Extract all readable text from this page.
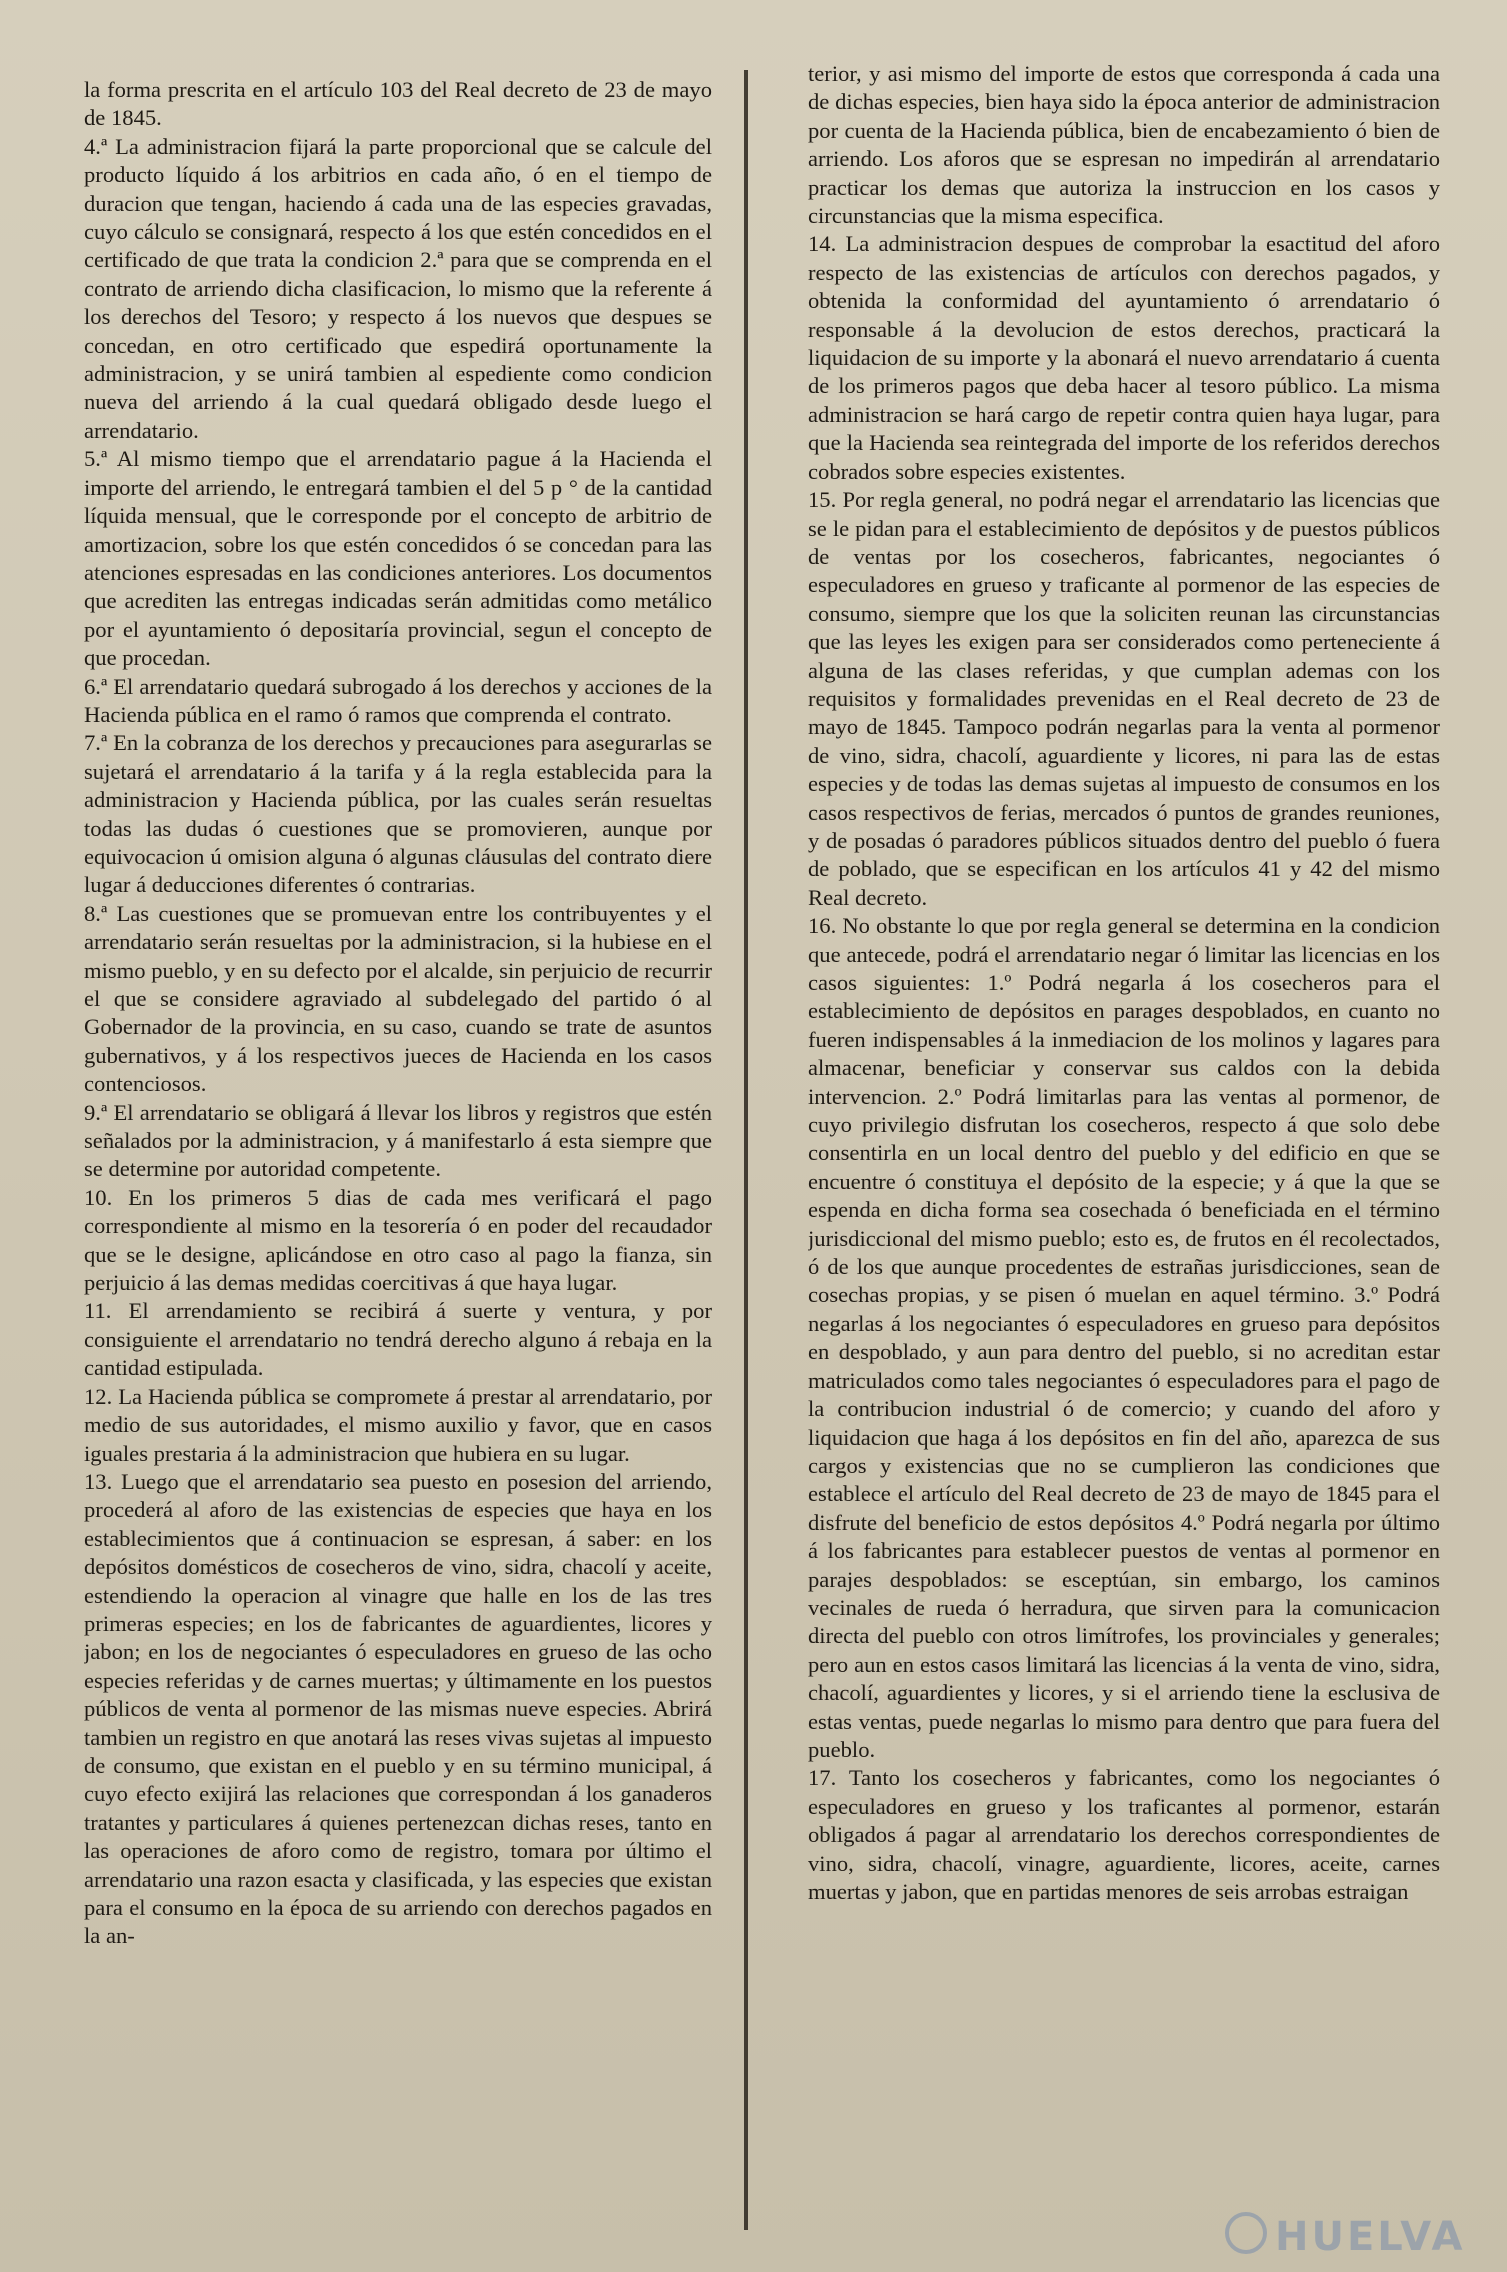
la forma prescrita en el artículo 103 del Real decreto de 23 de mayo de 1845.

4.ª La administracion fijará la parte proporcional que se calcule del producto líquido á los arbitrios en cada año, ó en el tiempo de duracion que tengan, haciendo á cada una de las especies gravadas, cuyo cálculo se consignará, respecto á los que estén concedidos en el certificado de que trata la condicion 2.ª para que se comprenda en el contrato de arriendo dicha clasificacion, lo mismo que la referente á los derechos del Tesoro; y respecto á los nuevos que despues se concedan, en otro certificado que espedirá oportunamente la administracion, y se unirá tambien al espediente como condicion nueva del arriendo á la cual quedará obligado desde luego el arrendatario.

5.ª Al mismo tiempo que el arrendatario pague á la Hacienda el importe del arriendo, le entregará tambien el del 5 p ° de la cantidad líquida mensual, que le corresponde por el concepto de arbitrio de amortizacion, sobre los que estén concedidos ó se concedan para las atenciones espresadas en las condiciones anteriores. Los documentos que acrediten las entregas indicadas serán admitidas como metálico por el ayuntamiento ó depositaría provincial, segun el concepto de que procedan.

6.ª El arrendatario quedará subrogado á los derechos y acciones de la Hacienda pública en el ramo ó ramos que comprenda el contrato.

7.ª En la cobranza de los derechos y precauciones para asegurarlas se sujetará el arrendatario á la tarifa y á la regla establecida para la administracion y Hacienda pública, por las cuales serán resueltas todas las dudas ó cuestiones que se promovieren, aunque por equivocacion ú omision alguna ó algunas cláusulas del contrato diere lugar á deducciones diferentes ó contrarias.

8.ª Las cuestiones que se promuevan entre los contribuyentes y el arrendatario serán resueltas por la administracion, si la hubiese en el mismo pueblo, y en su defecto por el alcalde, sin perjuicio de recurrir el que se considere agraviado al subdelegado del partido ó al Gobernador de la provincia, en su caso, cuando se trate de asuntos gubernativos, y á los respectivos jueces de Hacienda en los casos contenciosos.

9.ª El arrendatario se obligará á llevar los libros y registros que estén señalados por la administracion, y á manifestarlo á esta siempre que se determine por autoridad competente.

10. En los primeros 5 dias de cada mes verificará el pago correspondiente al mismo en la tesorería ó en poder del recaudador que se le designe, aplicándose en otro caso al pago la fianza, sin perjuicio á las demas medidas coercitivas á que haya lugar.

11. El arrendamiento se recibirá á suerte y ventura, y por consiguiente el arrendatario no tendrá derecho alguno á rebaja en la cantidad estipulada.

12. La Hacienda pública se compromete á prestar al arrendatario, por medio de sus autoridades, el mismo auxilio y favor, que en casos iguales prestaria á la administracion que hubiera en su lugar.

13. Luego que el arrendatario sea puesto en posesion del arriendo, procederá al aforo de las existencias de especies que haya en los establecimientos que á continuacion se espresan, á saber: en los depósitos domésticos de cosecheros de vino, sidra, chacolí y aceite, estendiendo la operacion al vinagre que halle en los de las tres primeras especies; en los de fabricantes de aguardientes, licores y jabon; en los de negociantes ó especuladores en grueso de las ocho especies referidas y de carnes muertas; y últimamente en los puestos públicos de venta al pormenor de las mismas nueve especies. Abrirá tambien un registro en que anotará las reses vivas sujetas al impuesto de consumo, que existan en el pueblo y en su término municipal, á cuyo efecto exijirá las relaciones que correspondan á los ganaderos tratantes y particulares á quienes pertenezcan dichas reses, tanto en las operaciones de aforo como de registro, tomara por último el arrendatario una razon esacta y clasificada, y las especies que existan para el consumo en la época de su arriendo con derechos pagados en la an-

terior, y asi mismo del importe de estos que corresponda á cada una de dichas especies, bien haya sido la época anterior de administracion por cuenta de la Hacienda pública, bien de encabezamiento ó bien de arriendo. Los aforos que se espresan no impedirán al arrendatario practicar los demas que autoriza la instruccion en los casos y circunstancias que la misma especifica.

14. La administracion despues de comprobar la esactitud del aforo respecto de las existencias de artículos con derechos pagados, y obtenida la conformidad del ayuntamiento ó arrendatario ó responsable á la devolucion de estos derechos, practicará la liquidacion de su importe y la abonará el nuevo arrendatario á cuenta de los primeros pagos que deba hacer al tesoro público. La misma administracion se hará cargo de repetir contra quien haya lugar, para que la Hacienda sea reintegrada del importe de los referidos derechos cobrados sobre especies existentes.

15. Por regla general, no podrá negar el arrendatario las licencias que se le pidan para el establecimiento de depósitos y de puestos públicos de ventas por los cosecheros, fabricantes, negociantes ó especuladores en grueso y traficante al pormenor de las especies de consumo, siempre que los que la soliciten reunan las circunstancias que las leyes les exigen para ser considerados como perteneciente á alguna de las clases referidas, y que cumplan ademas con los requisitos y formalidades prevenidas en el Real decreto de 23 de mayo de 1845. Tampoco podrán negarlas para la venta al pormenor de vino, sidra, chacolí, aguardiente y licores, ni para las de estas especies y de todas las demas sujetas al impuesto de consumos en los casos respectivos de ferias, mercados ó puntos de grandes reuniones, y de posadas ó paradores públicos situados dentro del pueblo ó fuera de poblado, que se especifican en los artículos 41 y 42 del mismo Real decreto.

16. No obstante lo que por regla general se determina en la condicion que antecede, podrá el arrendatario negar ó limitar las licencias en los casos siguientes: 1.º Podrá negarla á los cosecheros para el establecimiento de depósitos en parages despoblados, en cuanto no fueren indispensables á la inmediacion de los molinos y lagares para almacenar, beneficiar y conservar sus caldos con la debida intervencion. 2.º Podrá limitarlas para las ventas al pormenor, de cuyo privilegio disfrutan los cosecheros, respecto á que solo debe consentirla en un local dentro del pueblo y del edificio en que se encuentre ó constituya el depósito de la especie; y á que la que se espenda en dicha forma sea cosechada ó beneficiada en el término jurisdiccional del mismo pueblo; esto es, de frutos en él recolectados, ó de los que aunque procedentes de estrañas jurisdicciones, sean de cosechas propias, y se pisen ó muelan en aquel término. 3.º Podrá negarlas á los negociantes ó especuladores en grueso para depósitos en despoblado, y aun para dentro del pueblo, si no acreditan estar matriculados como tales negociantes ó especuladores para el pago de la contribucion industrial ó de comercio; y cuando del aforo y liquidacion que haga á los depósitos en fin del año, aparezca de sus cargos y existencias que no se cumplieron las condiciones que establece el artículo del Real decreto de 23 de mayo de 1845 para el disfrute del beneficio de estos depósitos 4.º Podrá negarla por último á los fabricantes para establecer puestos de ventas al pormenor en parajes despoblados: se esceptúan, sin embargo, los caminos vecinales de rueda ó herradura, que sirven para la comunicacion directa del pueblo con otros limítrofes, los provinciales y generales; pero aun en estos casos limitará las licencias á la venta de vino, sidra, chacolí, aguardientes y licores, y si el arriendo tiene la esclusiva de estas ventas, puede negarlas lo mismo para dentro que para fuera del pueblo.

17. Tanto los cosecheros y fabricantes, como los negociantes ó especuladores en grueso y los traficantes al pormenor, estarán obligados á pagar al arrendatario los derechos correspondientes de vino, sidra, chacolí, vinagre, aguardiente, licores, aceite, carnes muertas y jabon, que en partidas menores de seis arrobas estraigan

HUELVA
